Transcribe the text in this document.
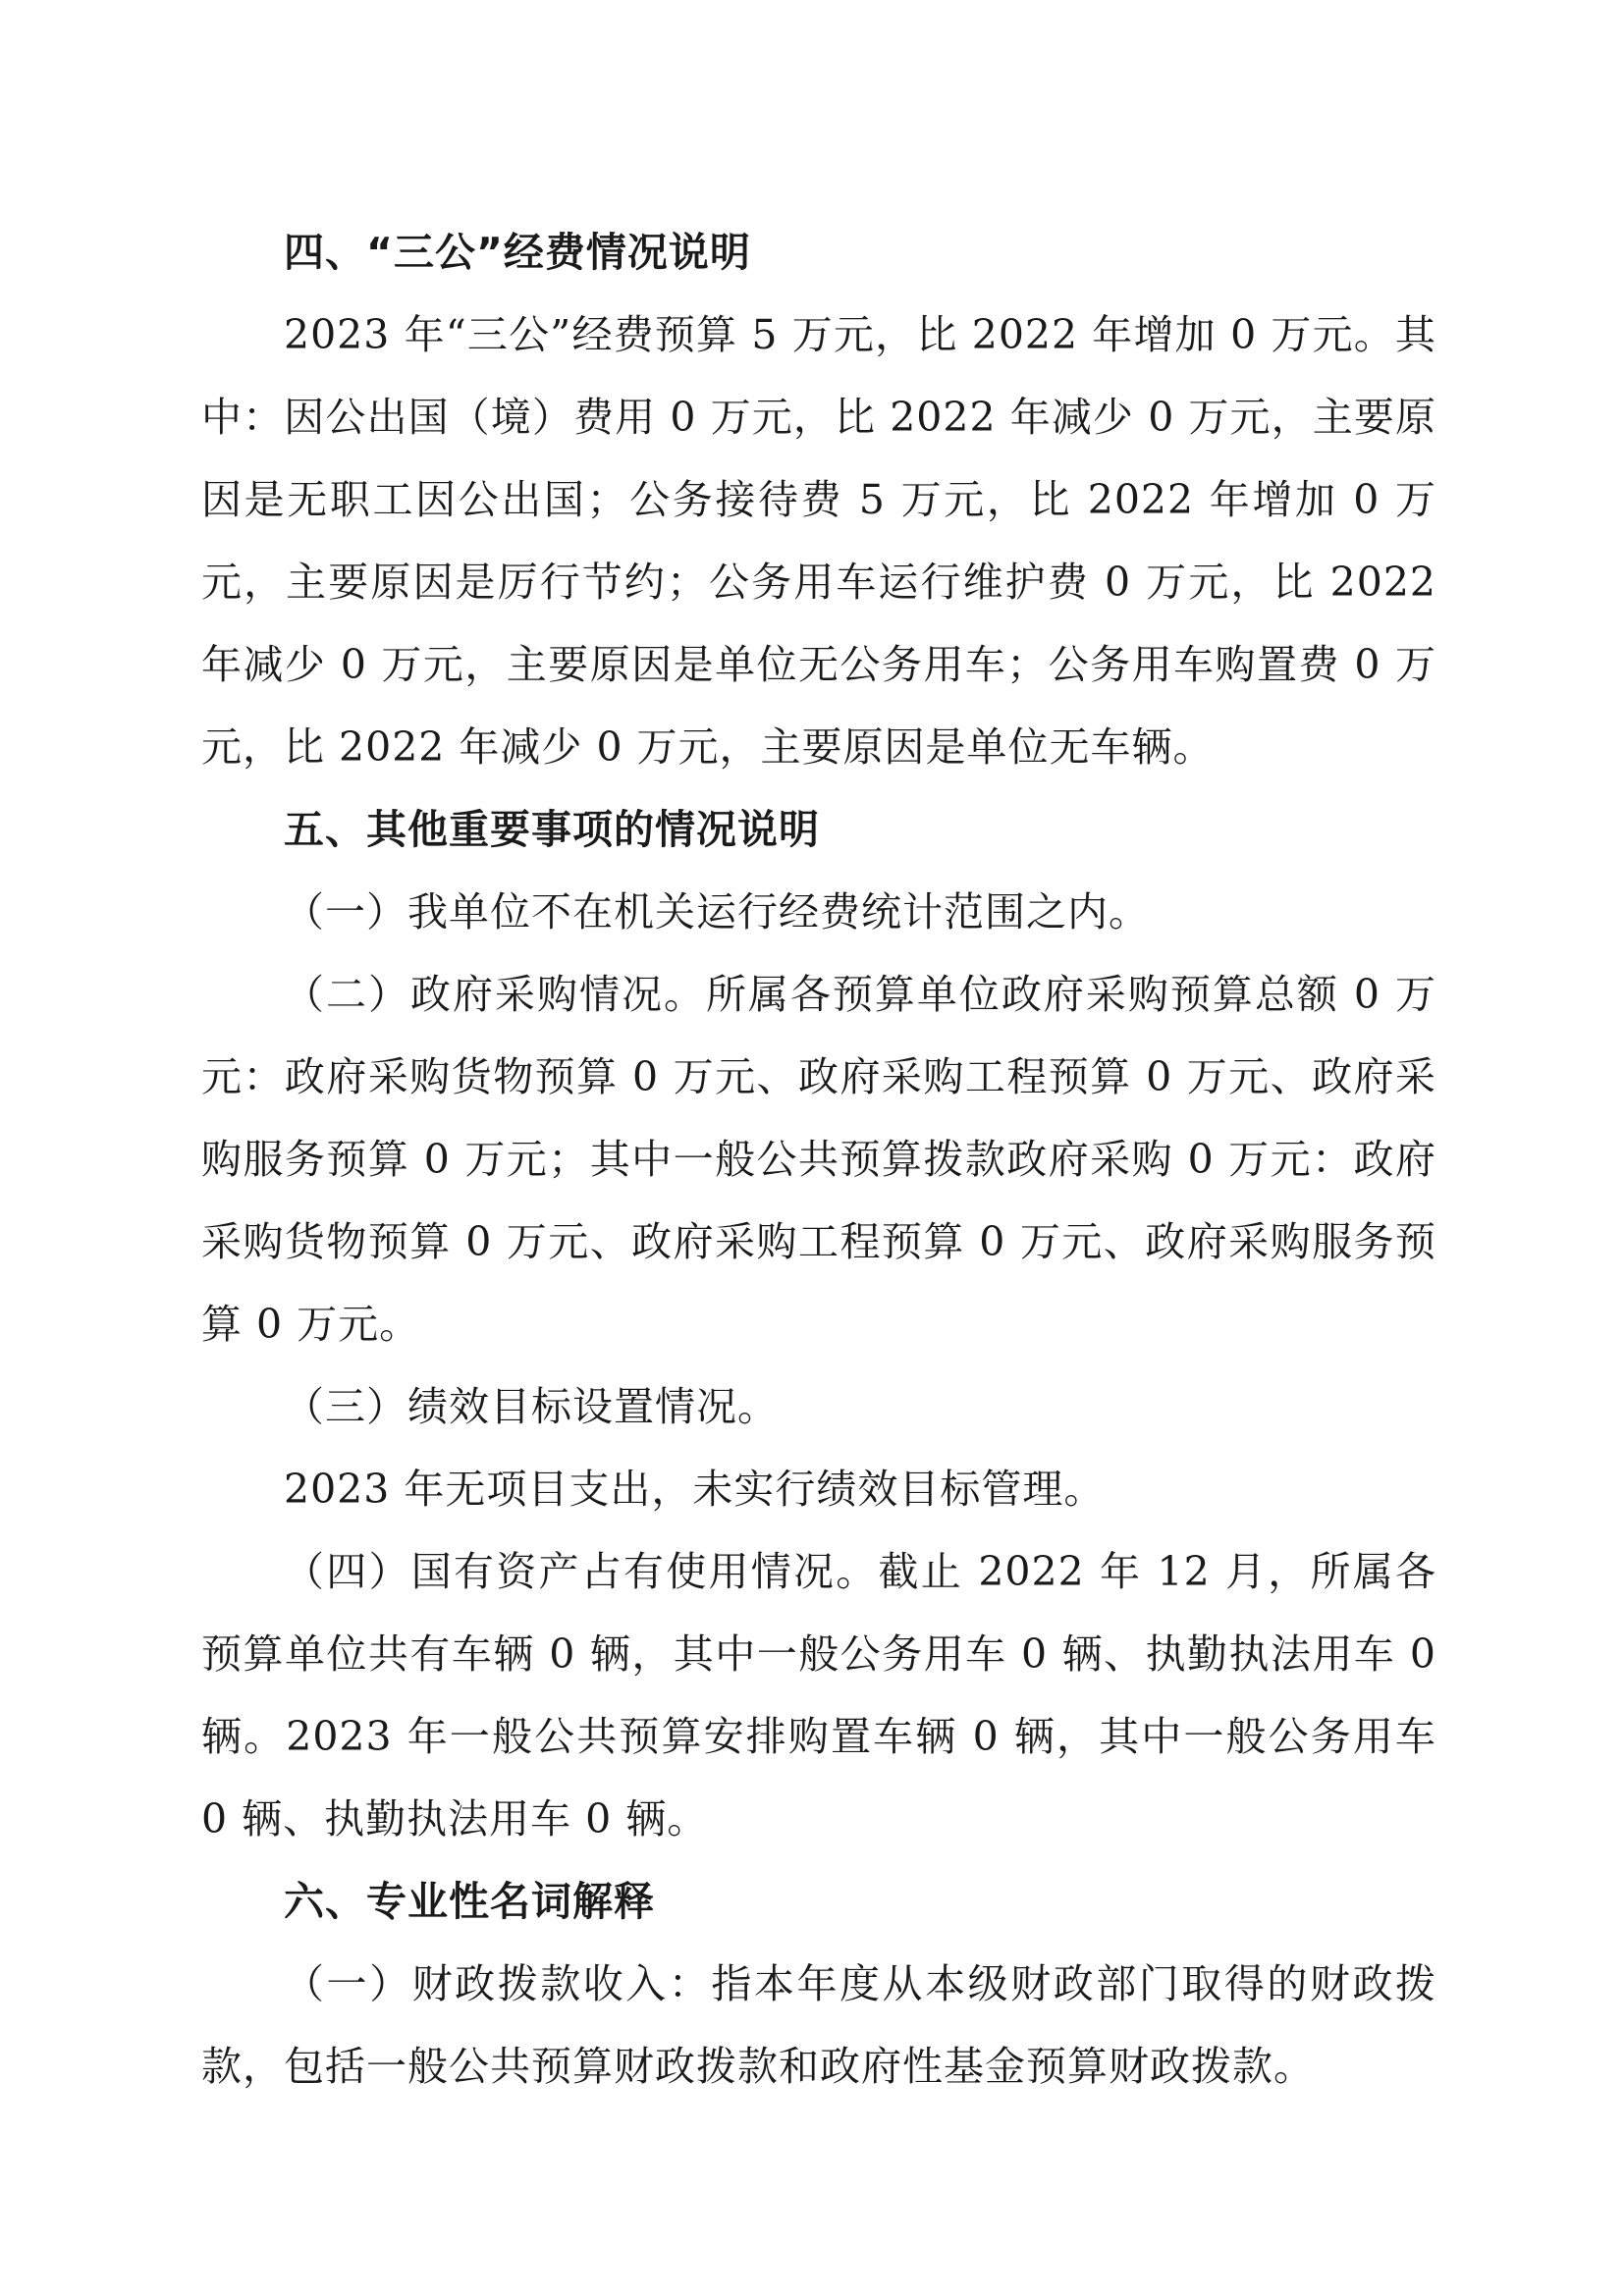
四、“三公”经费情况说明

2023 年“三公”经费预算 5 万元，比 2022 年增加 0 万元。其中：因公出国（境）费用 0 万元，比 2022 年减少 0 万元，主要原因是无职工因公出国；公务接待费 5 万元，比 2022 年增加 0 万元，主要原因是厉行节约；公务用车运行维护费 0 万元，比 2022 年减少 0 万元，主要原因是单位无公务用车；公务用车购置费 0 万元，比 2022 年减少 0 万元，主要原因是单位无车辆。

五、其他重要事项的情况说明

（一）我单位不在机关运行经费统计范围之内。

（二）政府采购情况。所属各预算单位政府采购预算总额 0 万元：政府采购货物预算 0 万元、政府采购工程预算 0 万元、政府采购服务预算 0 万元；其中一般公共预算拨款政府采购 0 万元：政府采购货物预算 0 万元、政府采购工程预算 0 万元、政府采购服务预算 0 万元。

（三）绩效目标设置情况。

2023 年无项目支出，未实行绩效目标管理。

（四）国有资产占有使用情况。截止 2022 年 12 月，所属各预算单位共有车辆 0 辆，其中一般公务用车 0 辆、执勤执法用车 0 辆。2023 年一般公共预算安排购置车辆 0 辆，其中一般公务用车 0 辆、执勤执法用车 0 辆。

六、专业性名词解释

（一）财政拨款收入：指本年度从本级财政部门取得的财政拨款，包括一般公共预算财政拨款和政府性基金预算财政拨款。
